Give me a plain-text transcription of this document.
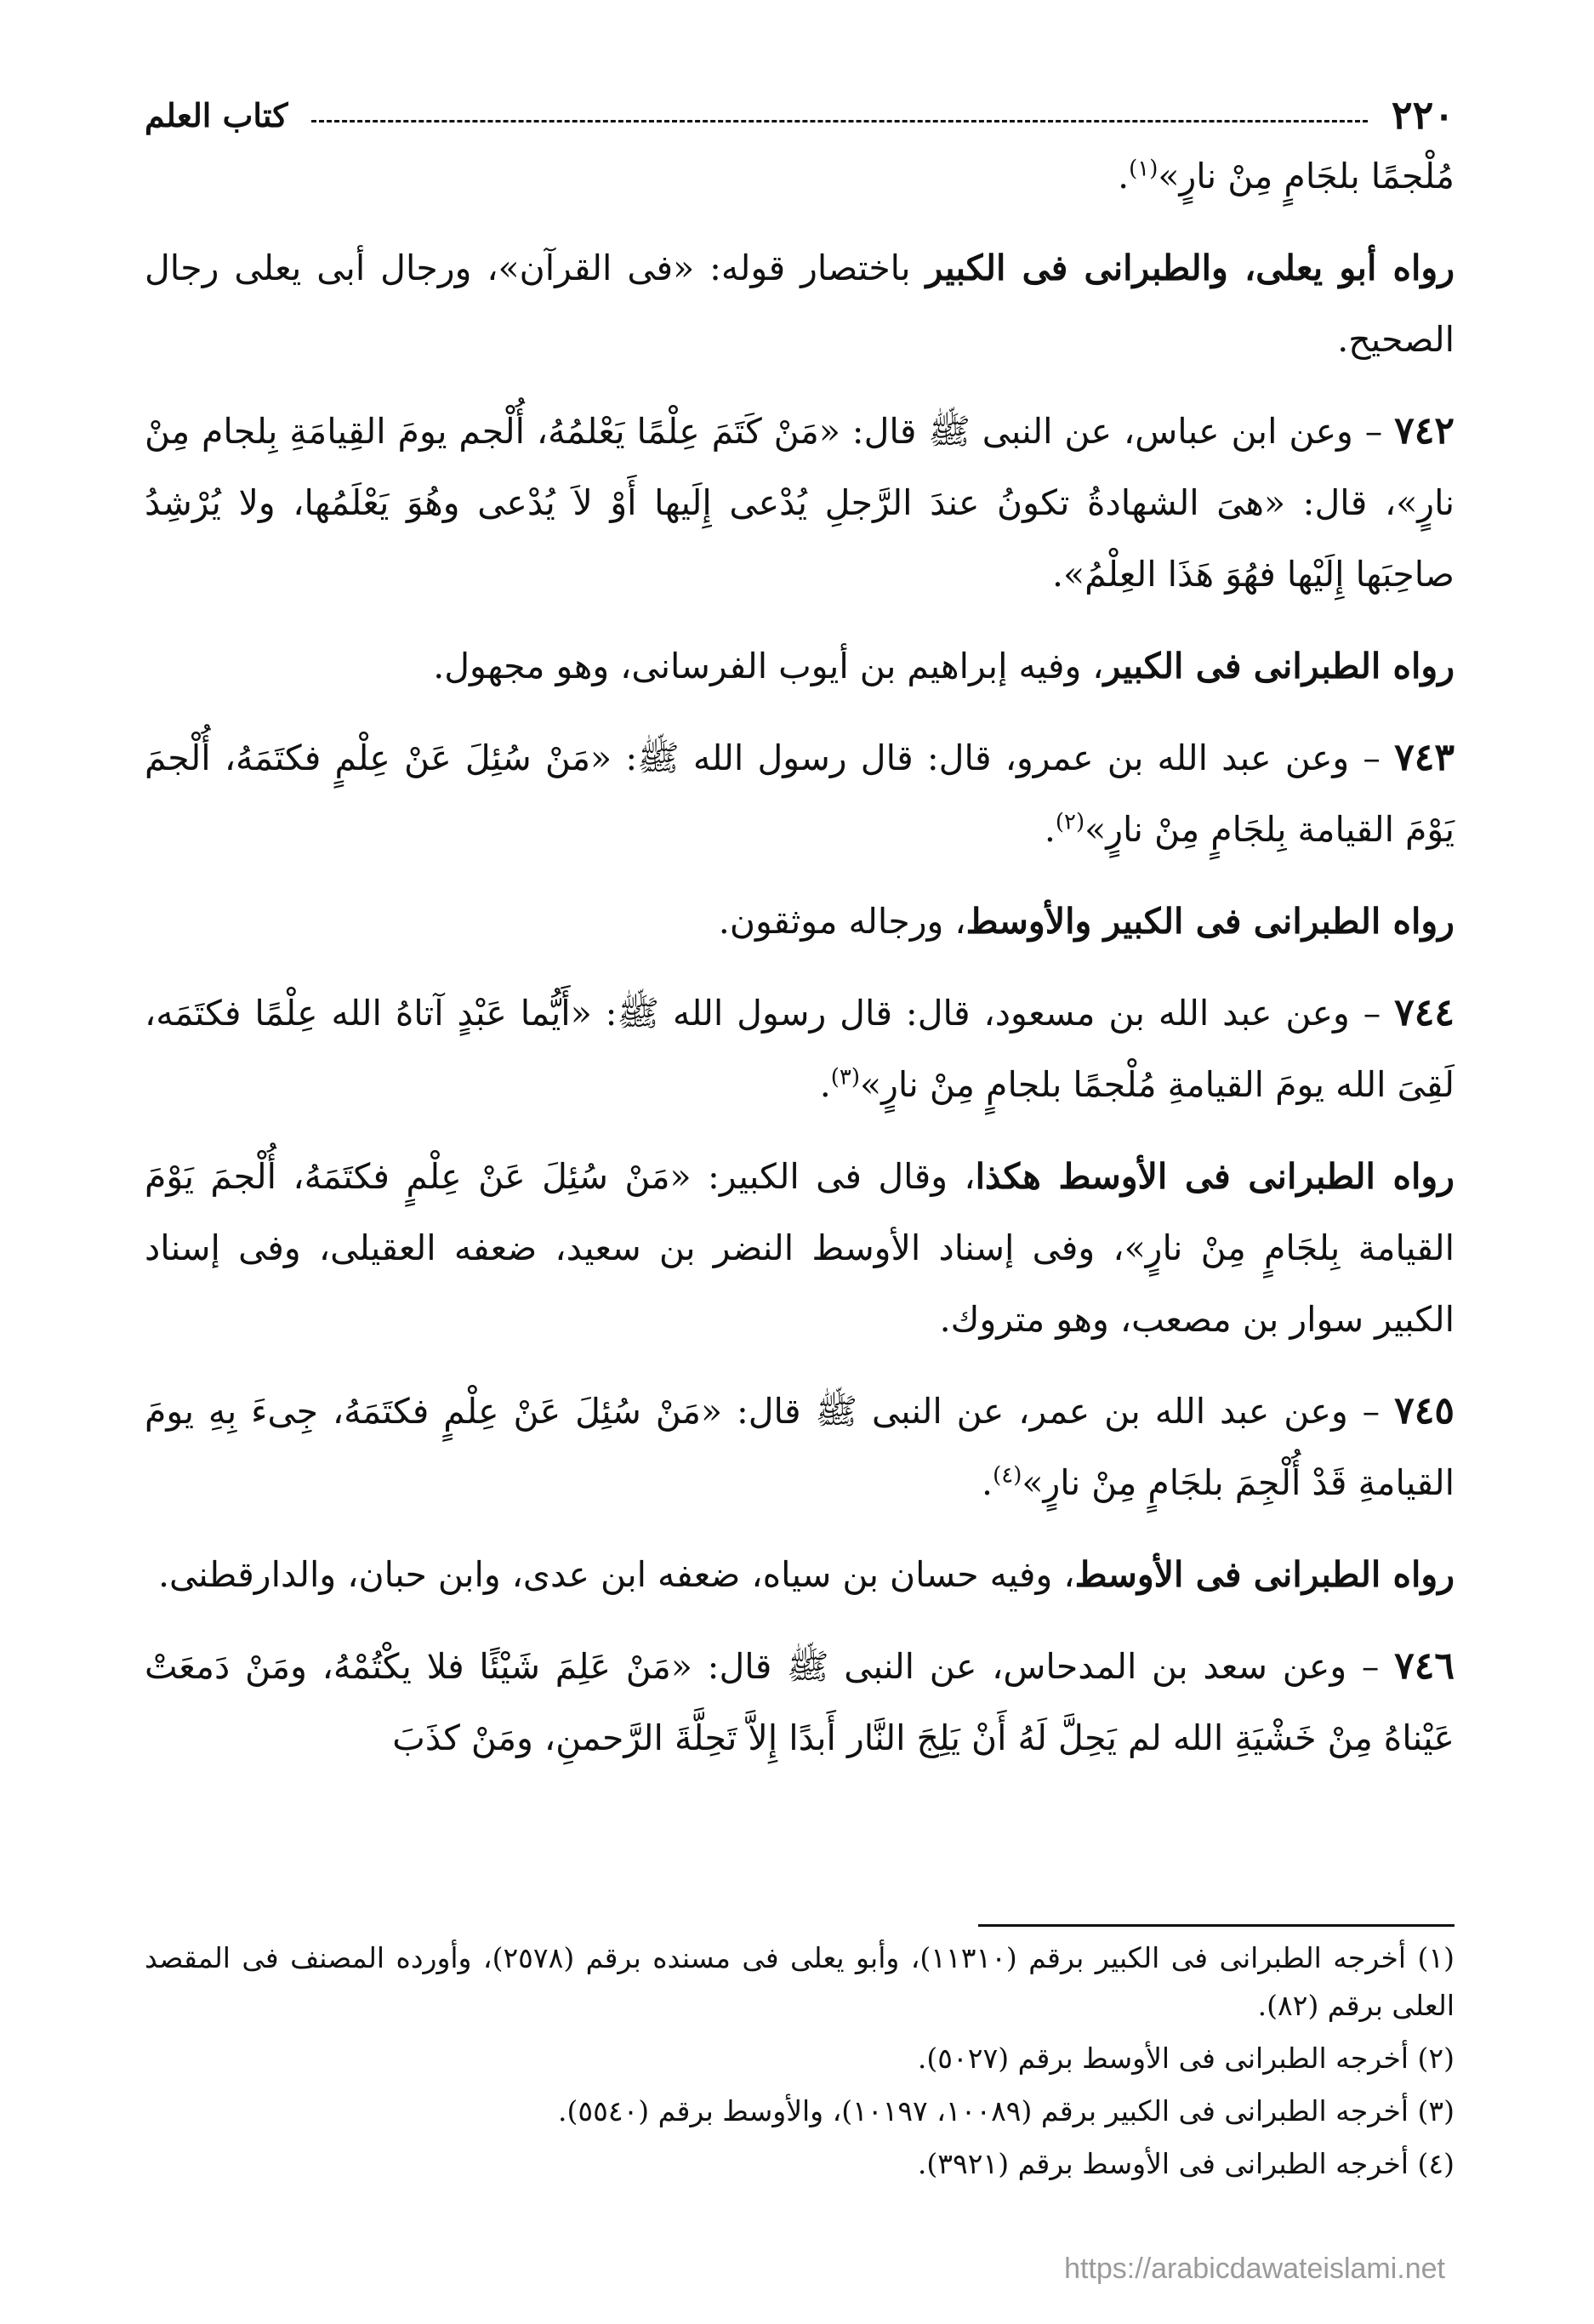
٢٢٠
كتاب العلم

مُلْجمًا بلجَامٍ مِنْ نارٍ»$^{(١)}$.

رواه أبو يعلى، والطبرانى فى الكبير باختصار قوله: «فى القرآن»، ورجال أبى يعلى رجال الصحيح.

٧٤٢ – وعن ابن عباس، عن النبى ﷺ قال: «مَنْ كَتَمَ عِلْمًا يَعْلمُهُ، أُلْجم يومَ القِيامَةِ بِلجام مِنْ نارٍ»، قال: «هىَ الشهادةُ تكونُ عندَ الرَّجلِ يُدْعى إِلَيها أَوْ لاَ يُدْعى وهُوَ يَعْلَمُها، ولا يُرْشِدُ صاحِبَها إِلَيْها فهُوَ هَذَا العِلْمُ».

رواه الطبرانى فى الكبير، وفيه إبراهيم بن أيوب الفرسانى، وهو مجهول.

٧٤٣ – وعن عبد الله بن عمرو، قال: قال رسول الله ﷺ: «مَنْ سُئِلَ عَنْ عِلْمٍ فكتَمَهُ، أُلْجمَ يَوْمَ القيامة بِلجَامٍ مِنْ نارٍ»$^{(٢)}$.

رواه الطبرانى فى الكبير والأوسط، ورجاله موثقون.

٧٤٤ – وعن عبد الله بن مسعود، قال: قال رسول الله ﷺ: «أَيُّما عَبْدٍ آتاهُ الله عِلْمًا فكتَمَه، لَقِىَ الله يومَ القيامةِ مُلْجمًا بلجامٍ مِنْ نارٍ»$^{(٣)}$.

رواه الطبرانى فى الأوسط هكذا، وقال فى الكبير: «مَنْ سُئِلَ عَنْ عِلْمٍ فكتَمَهُ، أُلْجمَ يَوْمَ القيامة بِلجَامٍ مِنْ نارٍ»، وفى إسناد الأوسط النضر بن سعيد، ضعفه العقيلى، وفى إسناد الكبير سوار بن مصعب، وهو متروك.

٧٤٥ – وعن عبد الله بن عمر، عن النبى ﷺ قال: «مَنْ سُئِلَ عَنْ عِلْمٍ فكتَمَهُ، جِىءَ بِهِ يومَ القيامةِ قَدْ أُلْجِمَ بلجَامٍ مِنْ نارٍ»$^{(٤)}$.

رواه الطبرانى فى الأوسط، وفيه حسان بن سياه، ضعفه ابن عدى، وابن حبان، والدارقطنى.

٧٤٦ – وعن سعد بن المدحاس، عن النبى ﷺ قال: «مَنْ عَلِمَ شَيْئًا فلا يكْتُمْهُ، ومَنْ دَمعَتْ عَيْناهُ مِنْ خَشْيَةِ الله لم يَحِلَّ لَهُ أَنْ يَلِجَ النَّار أَبدًا إِلاَّ تَحِلَّةَ الرَّحمنِ، ومَنْ كذَبَ

(١) أخرجه الطبرانى فى الكبير برقم (١١٣١٠)، وأبو يعلى فى مسنده برقم (٢٥٧٨)، وأورده المصنف فى المقصد العلى برقم (٨٢).

(٢) أخرجه الطبرانى فى الأوسط برقم (٥٠٢٧).

(٣) أخرجه الطبرانى فى الكبير برقم (١٠٠٨٩، ١٠١٩٧)، والأوسط برقم (٥٥٤٠).

(٤) أخرجه الطبرانى فى الأوسط برقم (٣٩٢١).

https://arabicdawateislami.net
